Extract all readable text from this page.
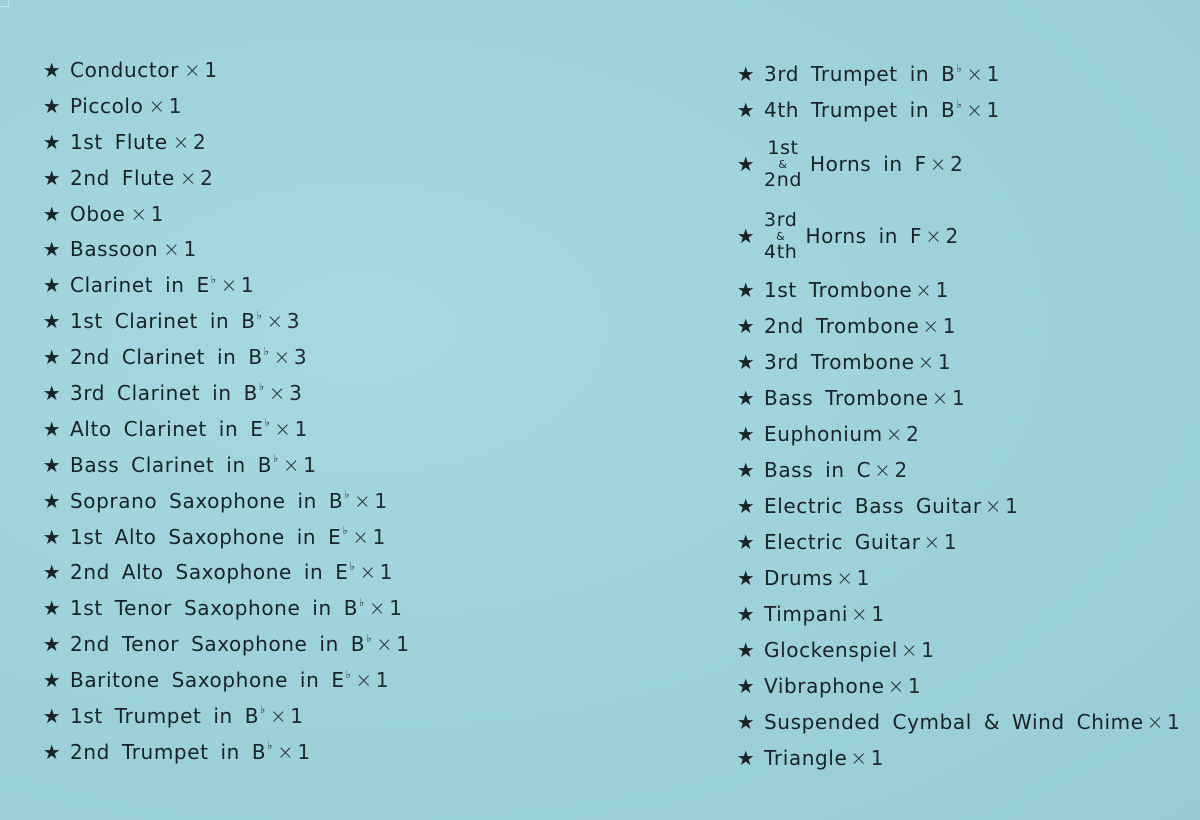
★ Conductor × 1
★ Piccolo × 1
★ 1st Flute × 2
★ 2nd Flute × 2
★ Oboe × 1
★ Bassoon × 1
★ Clarinet in E ♭ × 1
★ 1st Clarinet in B ♭ × 3
★ 2nd Clarinet in B ♭ × 3
★ 3rd Clarinet in B ♭ × 3
★ Alto Clarinet in E ♭ × 1
★ Bass Clarinet in B ♭ × 1
★ Soprano Saxophone in B ♭ × 1
★ 1st Alto Saxophone in E ♭ × 1
★ 2nd Alto Saxophone in E ♭ × 1
★ 1st Tenor Saxophone in B ♭ × 1
★ 2nd Tenor Saxophone in B ♭ × 1
★ Baritone Saxophone in E ♭ × 1
★ 1st Trumpet in B ♭ × 1
★ 2nd Trumpet in B ♭ × 1
★ 3rd Trumpet in B ♭ × 1
★ 4th Trumpet in B ♭ × 1
★
1st
&
2nd
Horns in F × 2
★
3rd
&
4th
Horns in F × 2
★ 1st Trombone × 1
★ 2nd Trombone × 1
★ 3rd Trombone × 1
★ Bass Trombone × 1
★ Euphonium × 2
★ Bass in C × 2
★ Electric Bass Guitar × 1
★ Electric Guitar × 1
★ Drums × 1
★ Timpani × 1
★ Glockenspiel × 1
★ Vibraphone × 1
★ Suspended Cymbal & Wind Chime × 1
★ Triangle × 1
